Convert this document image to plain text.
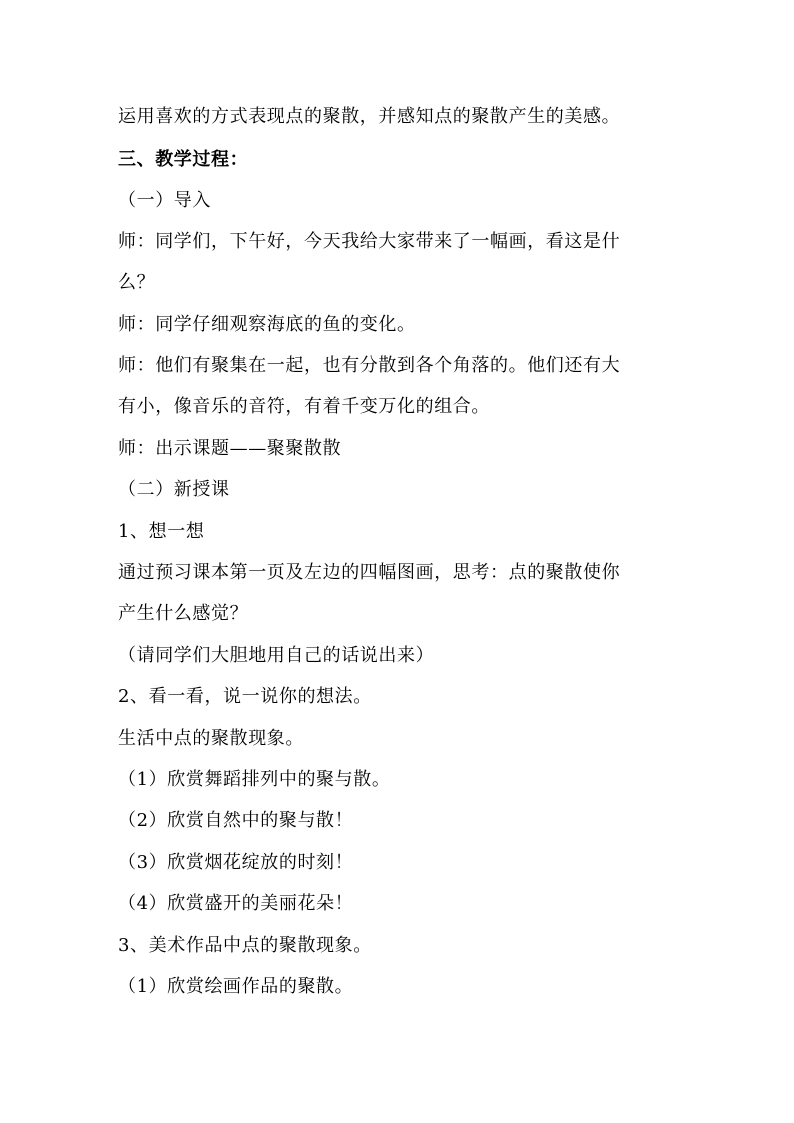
运用喜欢的方式表现点的聚散，并感知点的聚散产生的美感。
三、教学过程：
（一）导入
师：同学们，下午好，今天我给大家带来了一幅画，看这是什
么？
师：同学仔细观察海底的鱼的变化。
师：他们有聚集在一起，也有分散到各个角落的。他们还有大
有小，像音乐的音符，有着千变万化的组合。
师：出示课题——聚聚散散
（二）新授课
1、想一想
通过预习课本第一页及左边的四幅图画，思考：点的聚散使你
产生什么感觉？
（请同学们大胆地用自己的话说出来）
2、看一看，说一说你的想法。
生活中点的聚散现象。
（1）欣赏舞蹈排列中的聚与散。
（2）欣赏自然中的聚与散！
（3）欣赏烟花绽放的时刻！
（4）欣赏盛开的美丽花朵！
3、美术作品中点的聚散现象。
（1）欣赏绘画作品的聚散。
